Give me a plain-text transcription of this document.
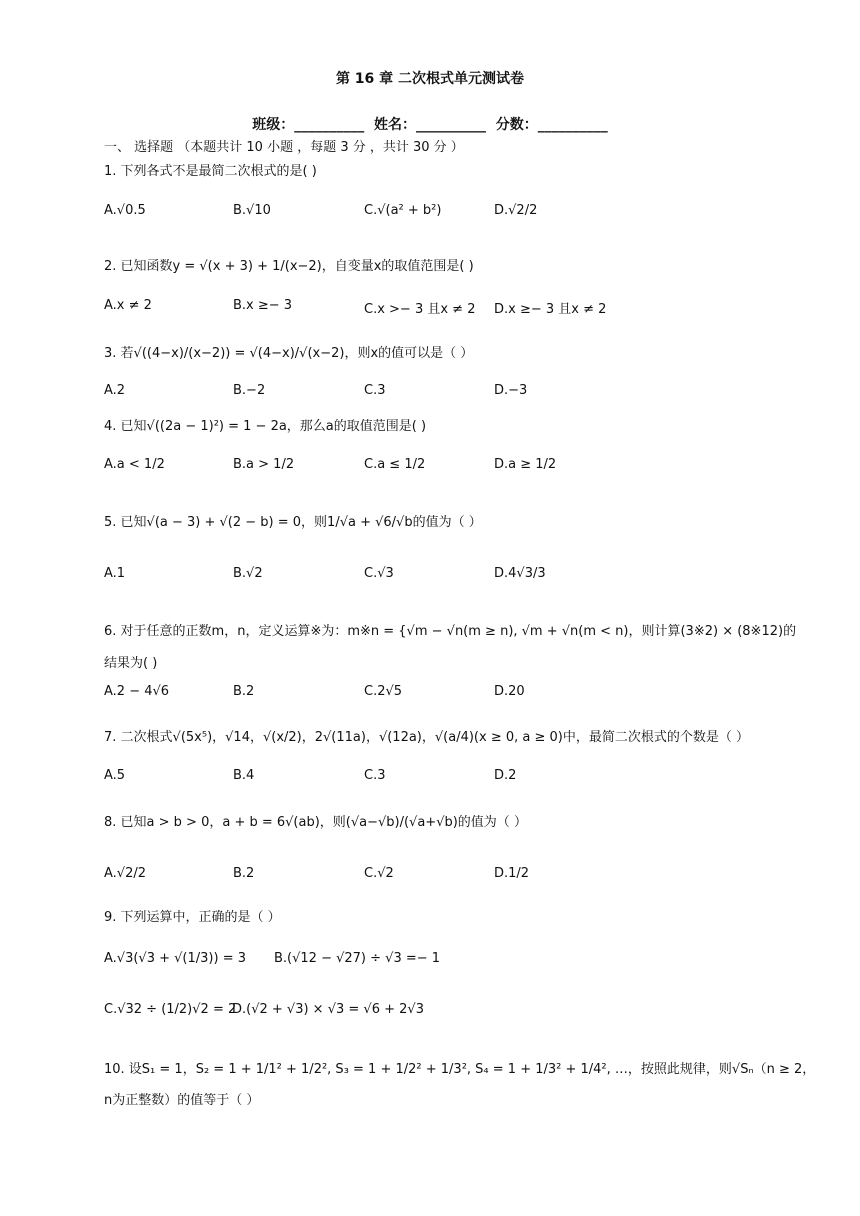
第 16 章 二次根式单元测试卷
班级：__________  姓名：__________  分数：__________
一、 选择题 （本题共计 10 小题 ，每题 3 分 ，共计 30 分 ）
1. 下列各式不是最简二次根式的是( )
A.√0.5	B.√10	C.√(a² + b²)	D.√2/2
2. 已知函数y = √(x + 3) + 1/(x−2)，自变量x的取值范围是( )
A.x ≠ 2	B.x ≥− 3	C.x >− 3 且x ≠ 2 D.x ≥− 3 且x ≠ 2
3. 若√((4−x)/(x−2)) = √(4−x)/√(x−2)，则x的值可以是（ ）
A.2	B.−2	C.3	D.−3
4. 已知√((2a − 1)²) = 1 − 2a，那么a的取值范围是( )
A.a < 1/2	B.a > 1/2	C.a ≤ 1/2	D.a ≥ 1/2
5. 已知√(a − 3) + √(2 − b) = 0，则1/√a + √6/√b的值为（ ）
A.1	B.√2	C.√3	D.4√3/3
6. 对于任意的正数m，n，定义运算※为：m※n = {√m − √n(m ≥ n), √m + √n(m < n)，则计算(3※2) × (8※12)的
结果为( )
A.2 − 4√6	B.2	C.2√5	D.20
7. 二次根式√(5x⁵)，√14，√(x/2)，2√(11a)，√(12a)，√(a/4)(x ≥ 0, a ≥ 0)中，最简二次根式的个数是（ ）
A.5	B.4	C.3	D.2
8. 已知a > b > 0，a + b = 6√(ab)，则(√a−√b)/(√a+√b)的值为（ ）
A.√2/2	B.2	C.√2	D.1/2
9. 下列运算中，正确的是（ ）
A.√3(√3 + √(1/3)) = 3 B.(√12 − √27) ÷ √3 =− 1
C.√32 ÷ (1/2)√2 = 2
D.(√2 + √3) × √3 = √6 + 2√3
10. 设S₁ = 1，S₂ = 1 + 1/1² + 1/2², S₃ = 1 + 1/2² + 1/3², S₄ = 1 + 1/3² + 1/4², …，按照此规律，则√Sₙ（n ≥ 2，
n为正整数）的值等于（ ）
